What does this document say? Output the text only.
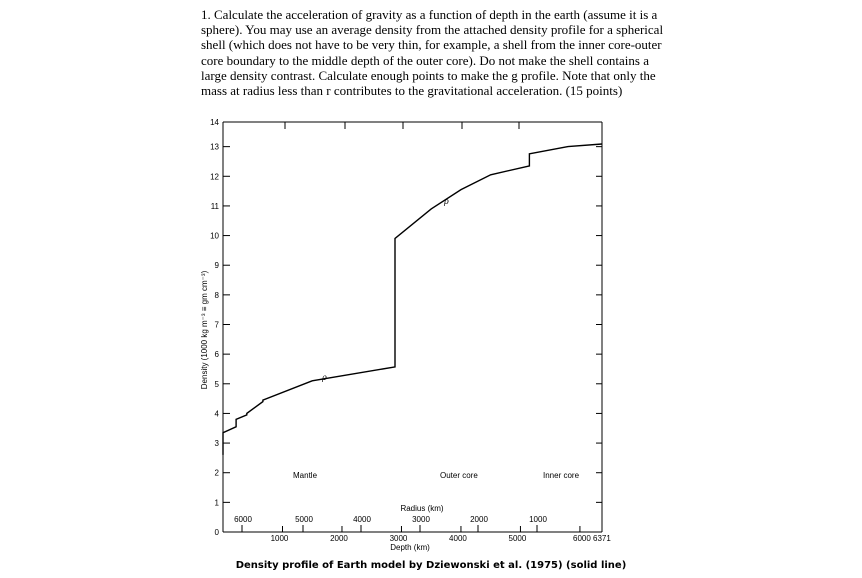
1. Calculate the acceleration of gravity as a function of depth in the earth (assume it is a sphere). You may use an average density from the attached density profile for a spherical shell (which does not have to be very thin, for example, a shell from the inner core-outer core boundary to the middle depth of the outer core). Do not make the shell contains a large density contrast. Calculate enough points to make the g profile. Note that only the mass at radius less than r contributes to the gravitational acceleration. (15 points)
0
1
2
3
4
5
6
7
8
9
10
11
12
13
14
6000	5000	4000	3000	2000	1000
1000	2000	3000	4000	5000	6000 6371
Mantle	Outer core	Inner core
ρ
ρ
Radius (km)
Depth (km)
Density (1000 kg m⁻³ ≡ gm cm⁻³)
Density profile of Earth model by Dziewonski et al. (1975) (solid line)
